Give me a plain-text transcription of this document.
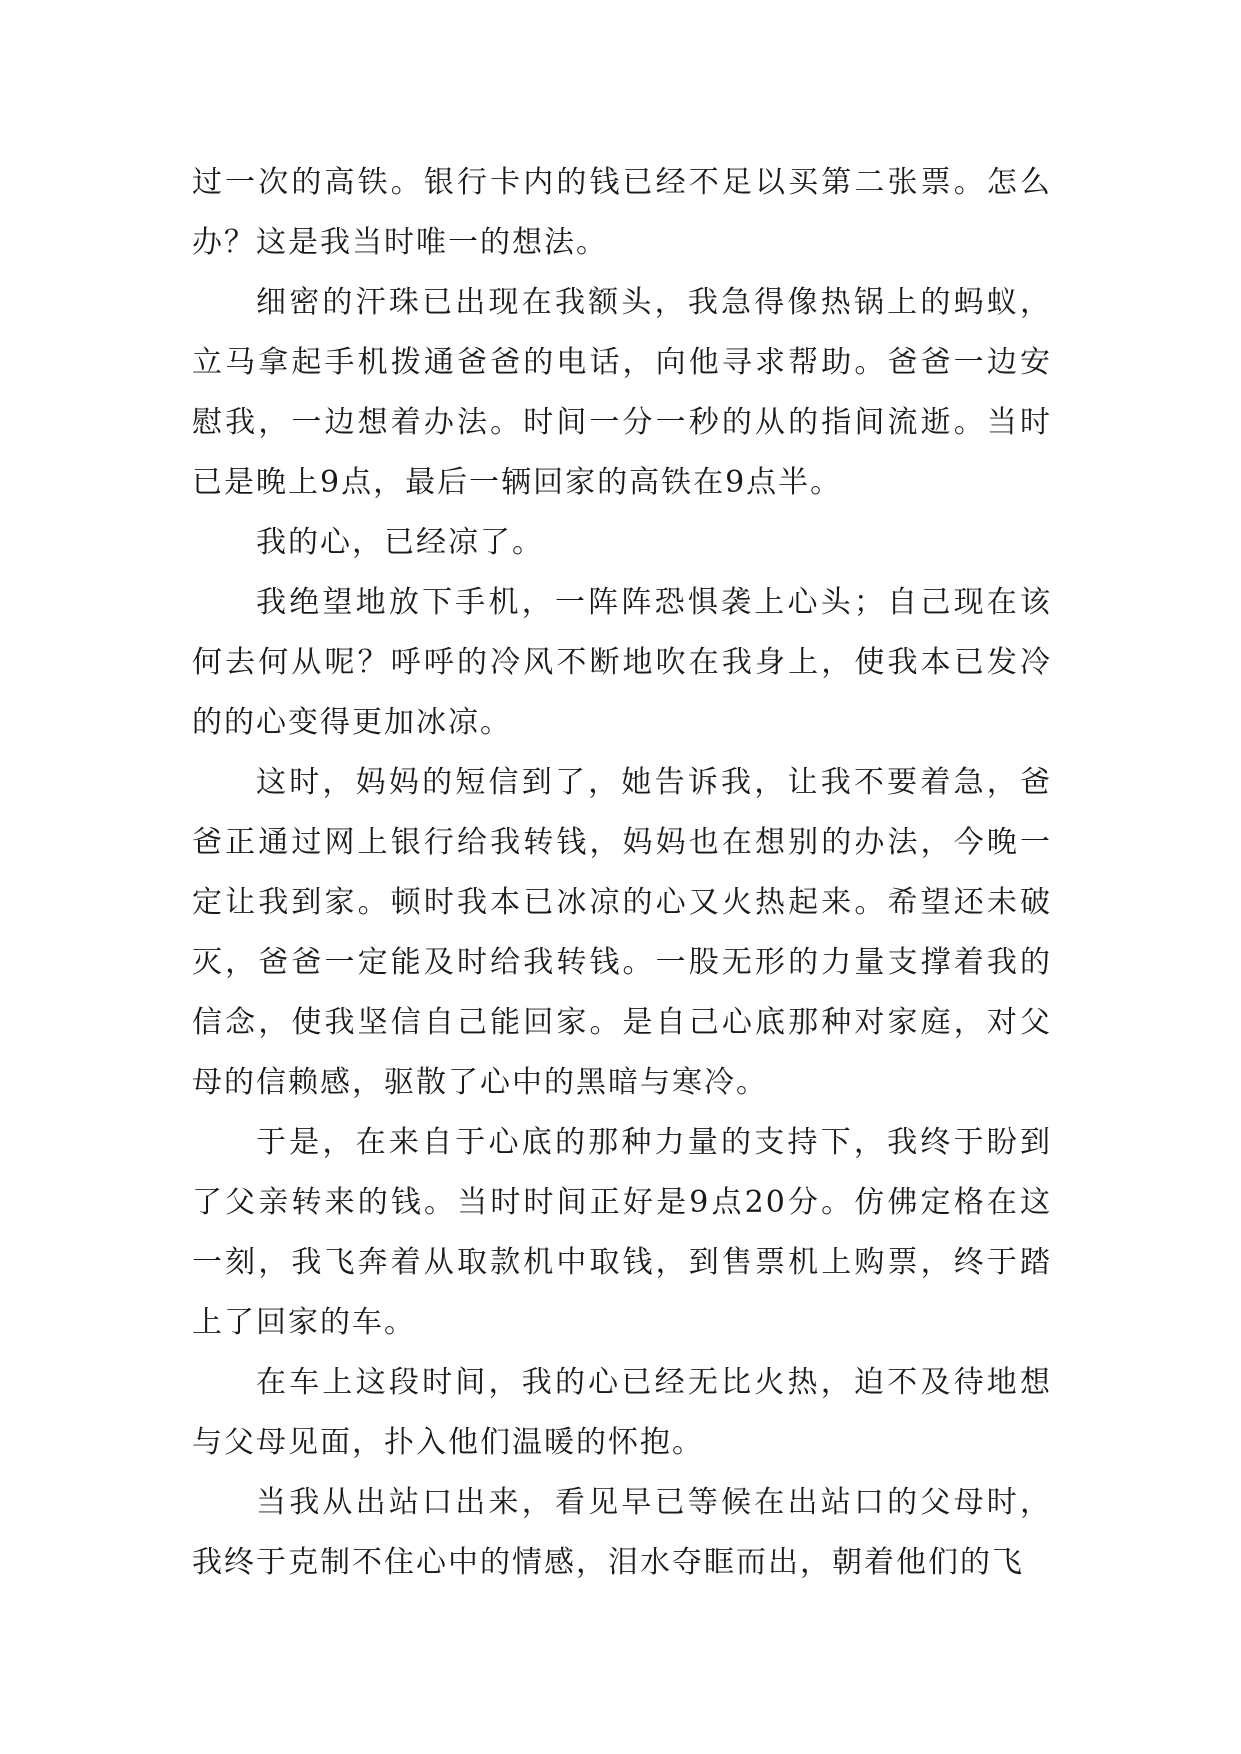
过一次的高铁。银行卡内的钱已经不足以买第二张票。怎么办？这是我当时唯一的想法。

细密的汗珠已出现在我额头，我急得像热锅上的蚂蚁，立马拿起手机拨通爸爸的电话，向他寻求帮助。爸爸一边安慰我，一边想着办法。时间一分一秒的从的指间流逝。当时已是晚上9点，最后一辆回家的高铁在9点半。

我的心，已经凉了。

我绝望地放下手机，一阵阵恐惧袭上心头；自己现在该何去何从呢？呼呼的冷风不断地吹在我身上，使我本已发冷的的心变得更加冰凉。

这时，妈妈的短信到了，她告诉我，让我不要着急，爸爸正通过网上银行给我转钱，妈妈也在想别的办法，今晚一定让我到家。顿时我本已冰凉的心又火热起来。希望还未破灭，爸爸一定能及时给我转钱。一股无形的力量支撑着我的信念，使我坚信自己能回家。是自己心底那种对家庭，对父母的信赖感，驱散了心中的黑暗与寒冷。

于是，在来自于心底的那种力量的支持下，我终于盼到了父亲转来的钱。当时时间正好是9点20分。仿佛定格在这一刻，我飞奔着从取款机中取钱，到售票机上购票，终于踏上了回家的车。

在车上这段时间，我的心已经无比火热，迫不及待地想与父母见面，扑入他们温暖的怀抱。

当我从出站口出来，看见早已等候在出站口的父母时，我终于克制不住心中的情感，泪水夺眶而出，朝着他们的飞
